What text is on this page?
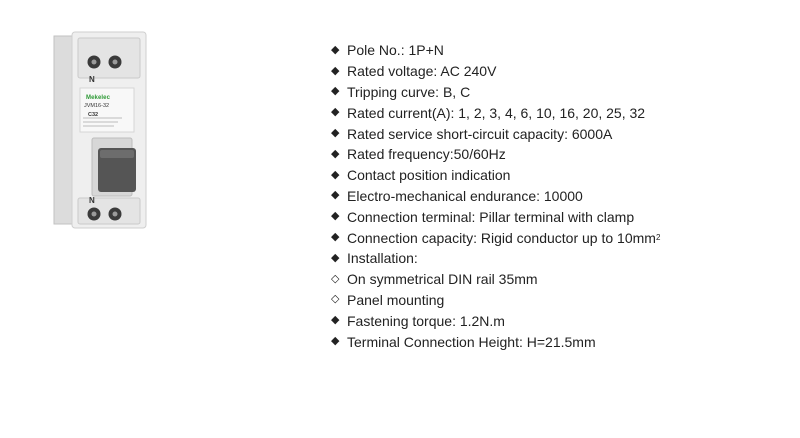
N
Mekelec
JVM16-32
C32
N
◆ Pole No.: 1P+N
◆ Rated voltage: AC 240V
◆ Tripping curve: B, C
◆ Rated current(A): 1, 2, 3, 4, 6, 10, 16, 20, 25, 32
◆ Rated service short-circuit capacity: 6000A
◆ Rated frequency:50/60Hz
◆ Contact position indication
◆ Electro-mechanical endurance: 10000
◆ Connection terminal: Pillar terminal with clamp
◆ Connection capacity: Rigid conductor up to 10mm 2
◆ Installation:
◇ On symmetrical DIN rail 35mm
◇ Panel mounting
◆ Fastening torque: 1.2N.m
◆ Terminal Connection Height: H=21.5mm
